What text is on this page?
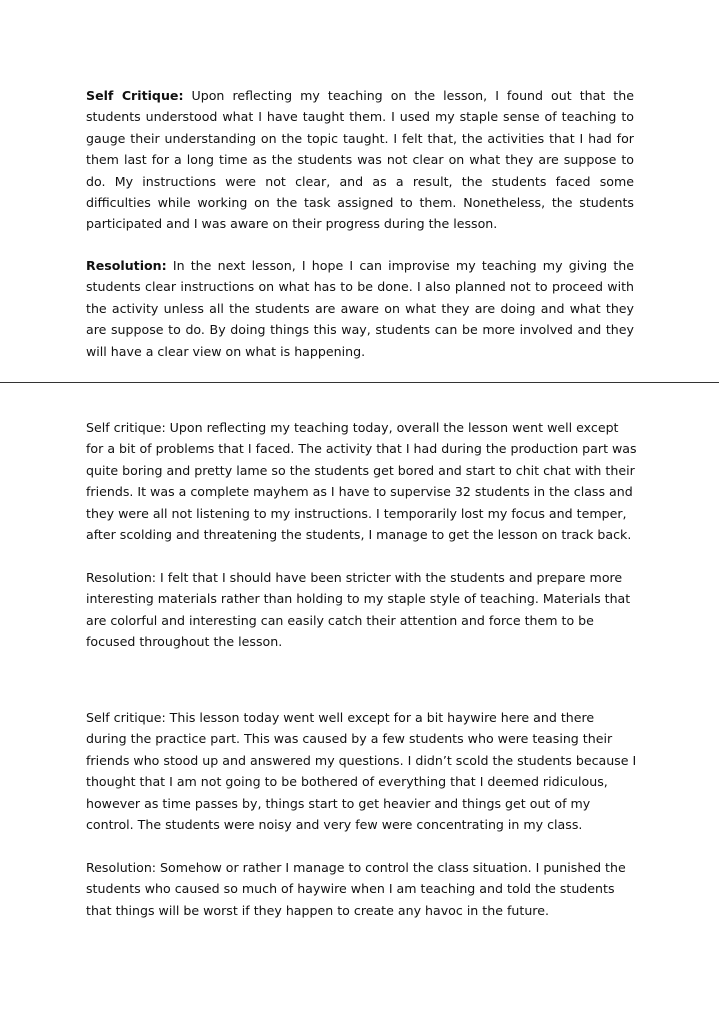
Self Critique: Upon reflecting my teaching on the lesson, I found out that the students understood what I have taught them. I used my staple sense of teaching to gauge their understanding on the topic taught. I felt that, the activities that I had for them last for a long time as the students was not clear on what they are suppose to do. My instructions were not clear, and as a result, the students faced some difficulties while working on the task assigned to them. Nonetheless, the students participated and I was aware on their progress during the lesson.

Resolution: In the next lesson, I hope I can improvise my teaching my giving the students clear instructions on what has to be done. I also planned not to proceed with the activity unless all the students are aware on what they are doing and what they are suppose to do. By doing things this way, students can be more involved and they will have a clear view on what is happening.

Self critique: Upon reflecting my teaching today, overall the lesson went well except for a bit of problems that I faced. The activity that I had during the production part was quite boring and pretty lame so the students get bored and start to chit chat with their friends. It was a complete mayhem as I have to supervise 32 students in the class and they were all not listening to my instructions. I temporarily lost my focus and temper, after scolding and threatening the students, I manage to get the lesson on track back.

Resolution: I felt that I should have been stricter with the students and prepare more interesting materials rather than holding to my staple style of teaching. Materials that are colorful and interesting can easily catch their attention and force them to be focused throughout the lesson.

Self critique: This lesson today went well except for a bit haywire here and there during the practice part. This was caused by a few students who were teasing their friends who stood up and answered my questions. I didn’t scold the students because I thought that I am not going to be bothered of everything that I deemed ridiculous, however as time passes by, things start to get heavier and things get out of my control. The students were noisy and very few were concentrating in my class.

Resolution: Somehow or rather I manage to control the class situation. I punished the students who caused so much of haywire when I am teaching and told the students that things will be worst if they happen to create any havoc in the future.
